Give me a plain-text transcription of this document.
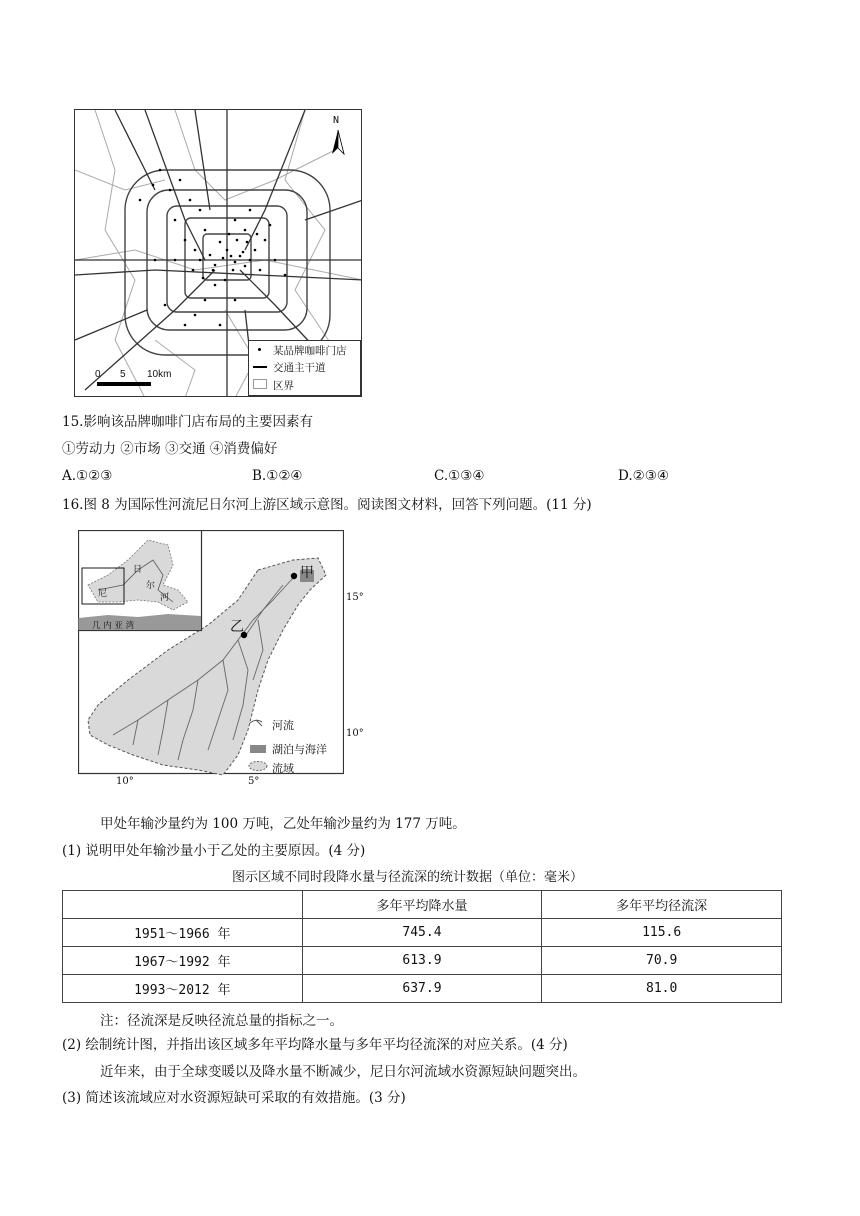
N
0 5 10km
某品牌咖啡门店
交通主干道
区界
15.影响该品牌咖啡门店布局的主要因素有
①劳动力 ②市场 ③交通 ④消费偏好
A.①②③	B.①②④	C.①③④	D.②③④
16.图 8 为国际性河流尼日尔河上游区域示意图。阅读图文材料，回答下列问题。(11 分)
日
尔
河
尼
几 内 亚 湾
甲
乙
15°
10°
10°	5°
河流
湖泊与海洋
流域
甲处年输沙量约为 100 万吨，乙处年输沙量约为 177 万吨。
(1) 说明甲处年输沙量小于乙处的主要原因。(4 分)
图示区域不同时段降水量与径流深的统计数据（单位：毫米）
	多年平均降水量	多年平均径流深
1951～1966 年	745.4	115.6
1967～1992 年	613.9	70.9
1993～2012 年	637.9	81.0
注：径流深是反映径流总量的指标之一。
(2) 绘制统计图，并指出该区域多年平均降水量与多年平均径流深的对应关系。(4 分)
近年来，由于全球变暖以及降水量不断减少，尼日尔河流域水资源短缺问题突出。
(3) 简述该流域应对水资源短缺可采取的有效措施。(3 分)
